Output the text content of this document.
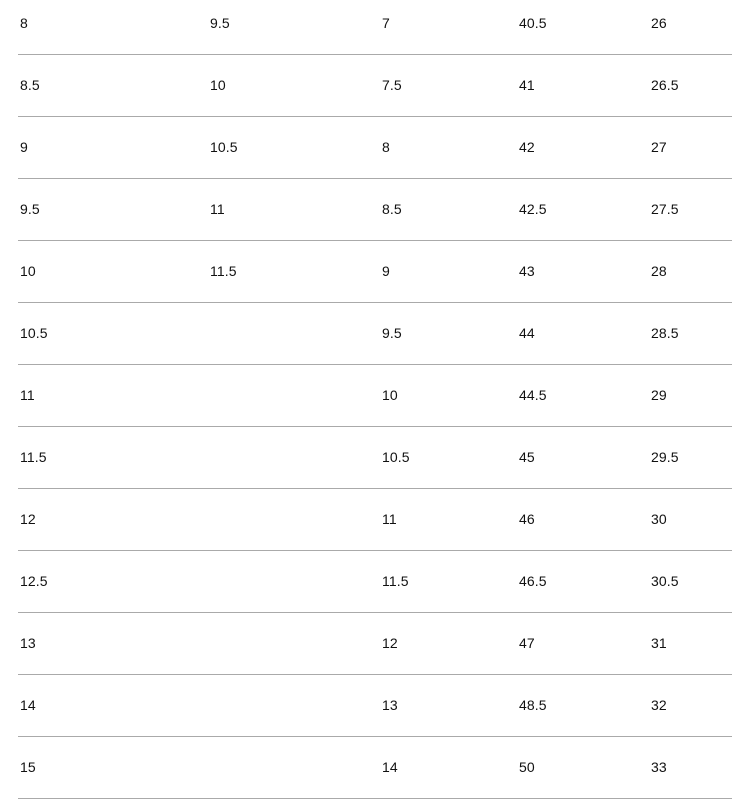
8	9.5	7	40.5	26
8.5	10	7.5	41	26.5
9	10.5	8	42	27
9.5	11	8.5	42.5	27.5
10	11.5	9	43	28
10.5		9.5	44	28.5
11		10	44.5	29
11.5		10.5	45	29.5
12		11	46	30
12.5		11.5	46.5	30.5
13		12	47	31
14		13	48.5	32
15		14	50	33
